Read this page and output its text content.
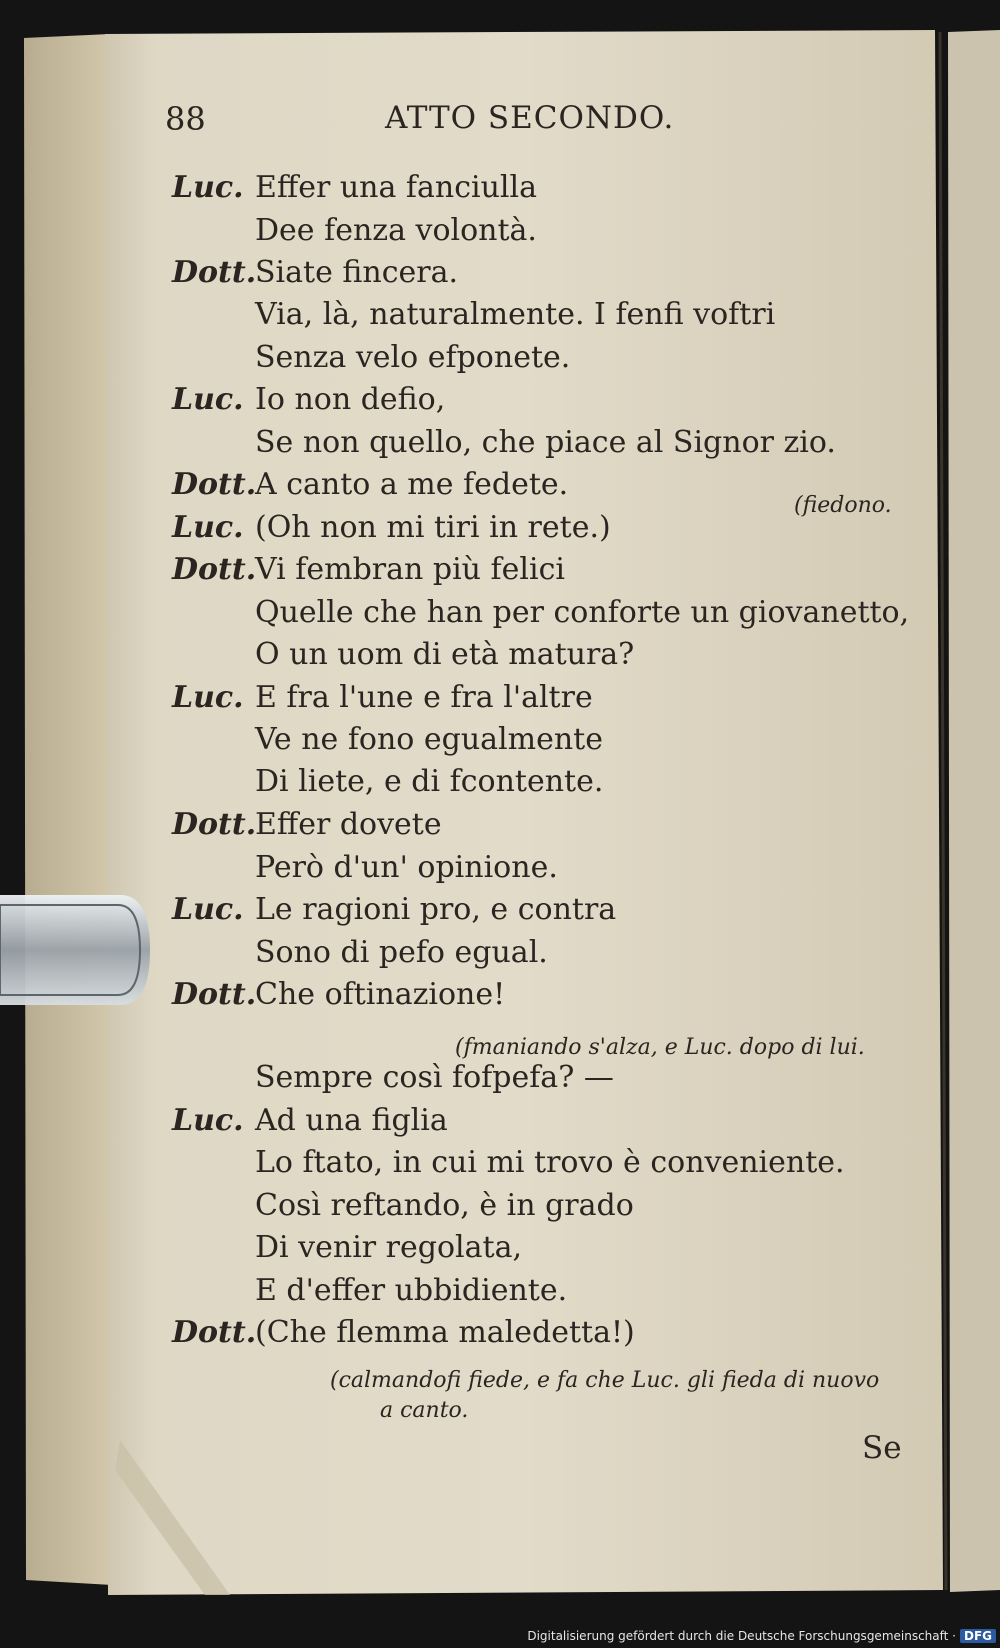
88	ATTO SECONDO.
Luc. Effer una fanciulla
Dee fenza volontà.
Dott.
Siate fincera.
Via, là, naturalmente. I fenfi voftri
Senza velo efponete.
Luc. Io non defio,
Se non quello, che piace al Signor zio.
Dott.
A canto a me fedete.
Luc. (Oh non mi tiri in rete.)
Dott.
Vi fembran più felici
Quelle che han per conforte un giovanetto,
O un uom di età matura?
Luc. E fra l'une e fra l'altre
Ve ne fono egualmente
Di liete, e di fcontente.
Dott.
Effer dovete
Però d'un' opinione.
Luc. Le ragioni pro, e contra
Sono di pefo egual.
Dott.
Che oftinazione!
Sempre così fofpefa? —
Luc. Ad una figlia
Lo ftato, in cui mi trovo è conveniente.
Così reftando, è in grado
Di venir regolata,
E d'effer ubbidiente.
Dott.
(Che flemma maledetta!)
(fiedono.
(fmaniando s'alza, e Luc. dopo di lui.
(calmandofi fiede, e fa che Luc. gli fieda di nuovo
a canto.
Se
Digitalisierung gefördert durch die Deutsche Forschungsgemeinschaft · DFG
